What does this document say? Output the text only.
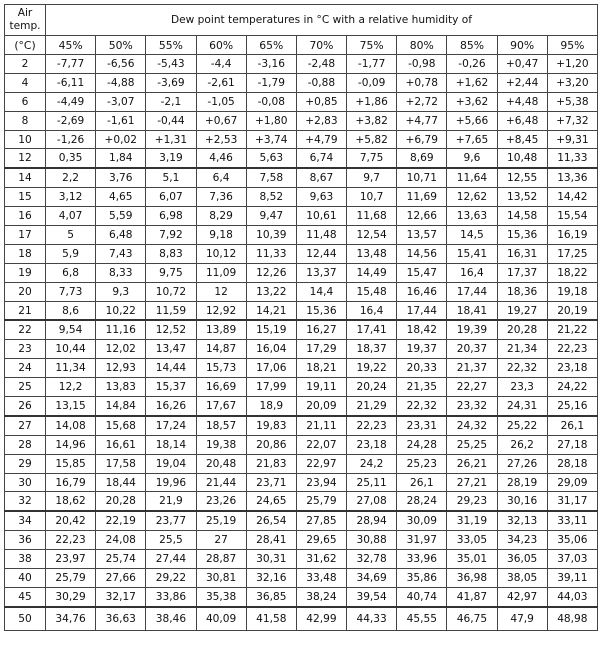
Air
temp.	Dew point temperatures in °C with a relative humidity of										
(°C)	45%	50%	55%	60%	65%	70%	75%	80%	85%	90%	95%
2	-7,77	-6,56	-5,43	-4,4	-3,16	-2,48	-1,77	-0,98	-0,26	+0,47	+1,20
4	-6,11	-4,88	-3,69	-2,61	-1,79	-0,88	-0,09	+0,78	+1,62	+2,44	+3,20
6	-4,49	-3,07	-2,1	-1,05	-0,08	+0,85	+1,86	+2,72	+3,62	+4,48	+5,38
8	-2,69	-1,61	-0,44	+0,67	+1,80	+2,83	+3,82	+4,77	+5,66	+6,48	+7,32
10	-1,26	+0,02	+1,31	+2,53	+3,74	+4,79	+5,82	+6,79	+7,65	+8,45	+9,31
12	0,35	1,84	3,19	4,46	5,63	6,74	7,75	8,69	9,6	10,48	11,33
14	2,2	3,76	5,1	6,4	7,58	8,67	9,7	10,71	11,64	12,55	13,36
15	3,12	4,65	6,07	7,36	8,52	9,63	10,7	11,69	12,62	13,52	14,42
16	4,07	5,59	6,98	8,29	9,47	10,61	11,68	12,66	13,63	14,58	15,54
17	5	6,48	7,92	9,18	10,39	11,48	12,54	13,57	14,5	15,36	16,19
18	5,9	7,43	8,83	10,12	11,33	12,44	13,48	14,56	15,41	16,31	17,25
19	6,8	8,33	9,75	11,09	12,26	13,37	14,49	15,47	16,4	17,37	18,22
20	7,73	9,3	10,72	12	13,22	14,4	15,48	16,46	17,44	18,36	19,18
21	8,6	10,22	11,59	12,92	14,21	15,36	16,4	17,44	18,41	19,27	20,19
22	9,54	11,16	12,52	13,89	15,19	16,27	17,41	18,42	19,39	20,28	21,22
23	10,44	12,02	13,47	14,87	16,04	17,29	18,37	19,37	20,37	21,34	22,23
24	11,34	12,93	14,44	15,73	17,06	18,21	19,22	20,33	21,37	22,32	23,18
25	12,2	13,83	15,37	16,69	17,99	19,11	20,24	21,35	22,27	23,3	24,22
26	13,15	14,84	16,26	17,67	18,9	20,09	21,29	22,32	23,32	24,31	25,16
27	14,08	15,68	17,24	18,57	19,83	21,11	22,23	23,31	24,32	25,22	26,1
28	14,96	16,61	18,14	19,38	20,86	22,07	23,18	24,28	25,25	26,2	27,18
29	15,85	17,58	19,04	20,48	21,83	22,97	24,2	25,23	26,21	27,26	28,18
30	16,79	18,44	19,96	21,44	23,71	23,94	25,11	26,1	27,21	28,19	29,09
32	18,62	20,28	21,9	23,26	24,65	25,79	27,08	28,24	29,23	30,16	31,17
34	20,42	22,19	23,77	25,19	26,54	27,85	28,94	30,09	31,19	32,13	33,11
36	22,23	24,08	25,5	27	28,41	29,65	30,88	31,97	33,05	34,23	35,06
38	23,97	25,74	27,44	28,87	30,31	31,62	32,78	33,96	35,01	36,05	37,03
40	25,79	27,66	29,22	30,81	32,16	33,48	34,69	35,86	36,98	38,05	39,11
45	30,29	32,17	33,86	35,38	36,85	38,24	39,54	40,74	41,87	42,97	44,03
50	34,76	36,63	38,46	40,09	41,58	42,99	44,33	45,55	46,75	47,9	48,98
